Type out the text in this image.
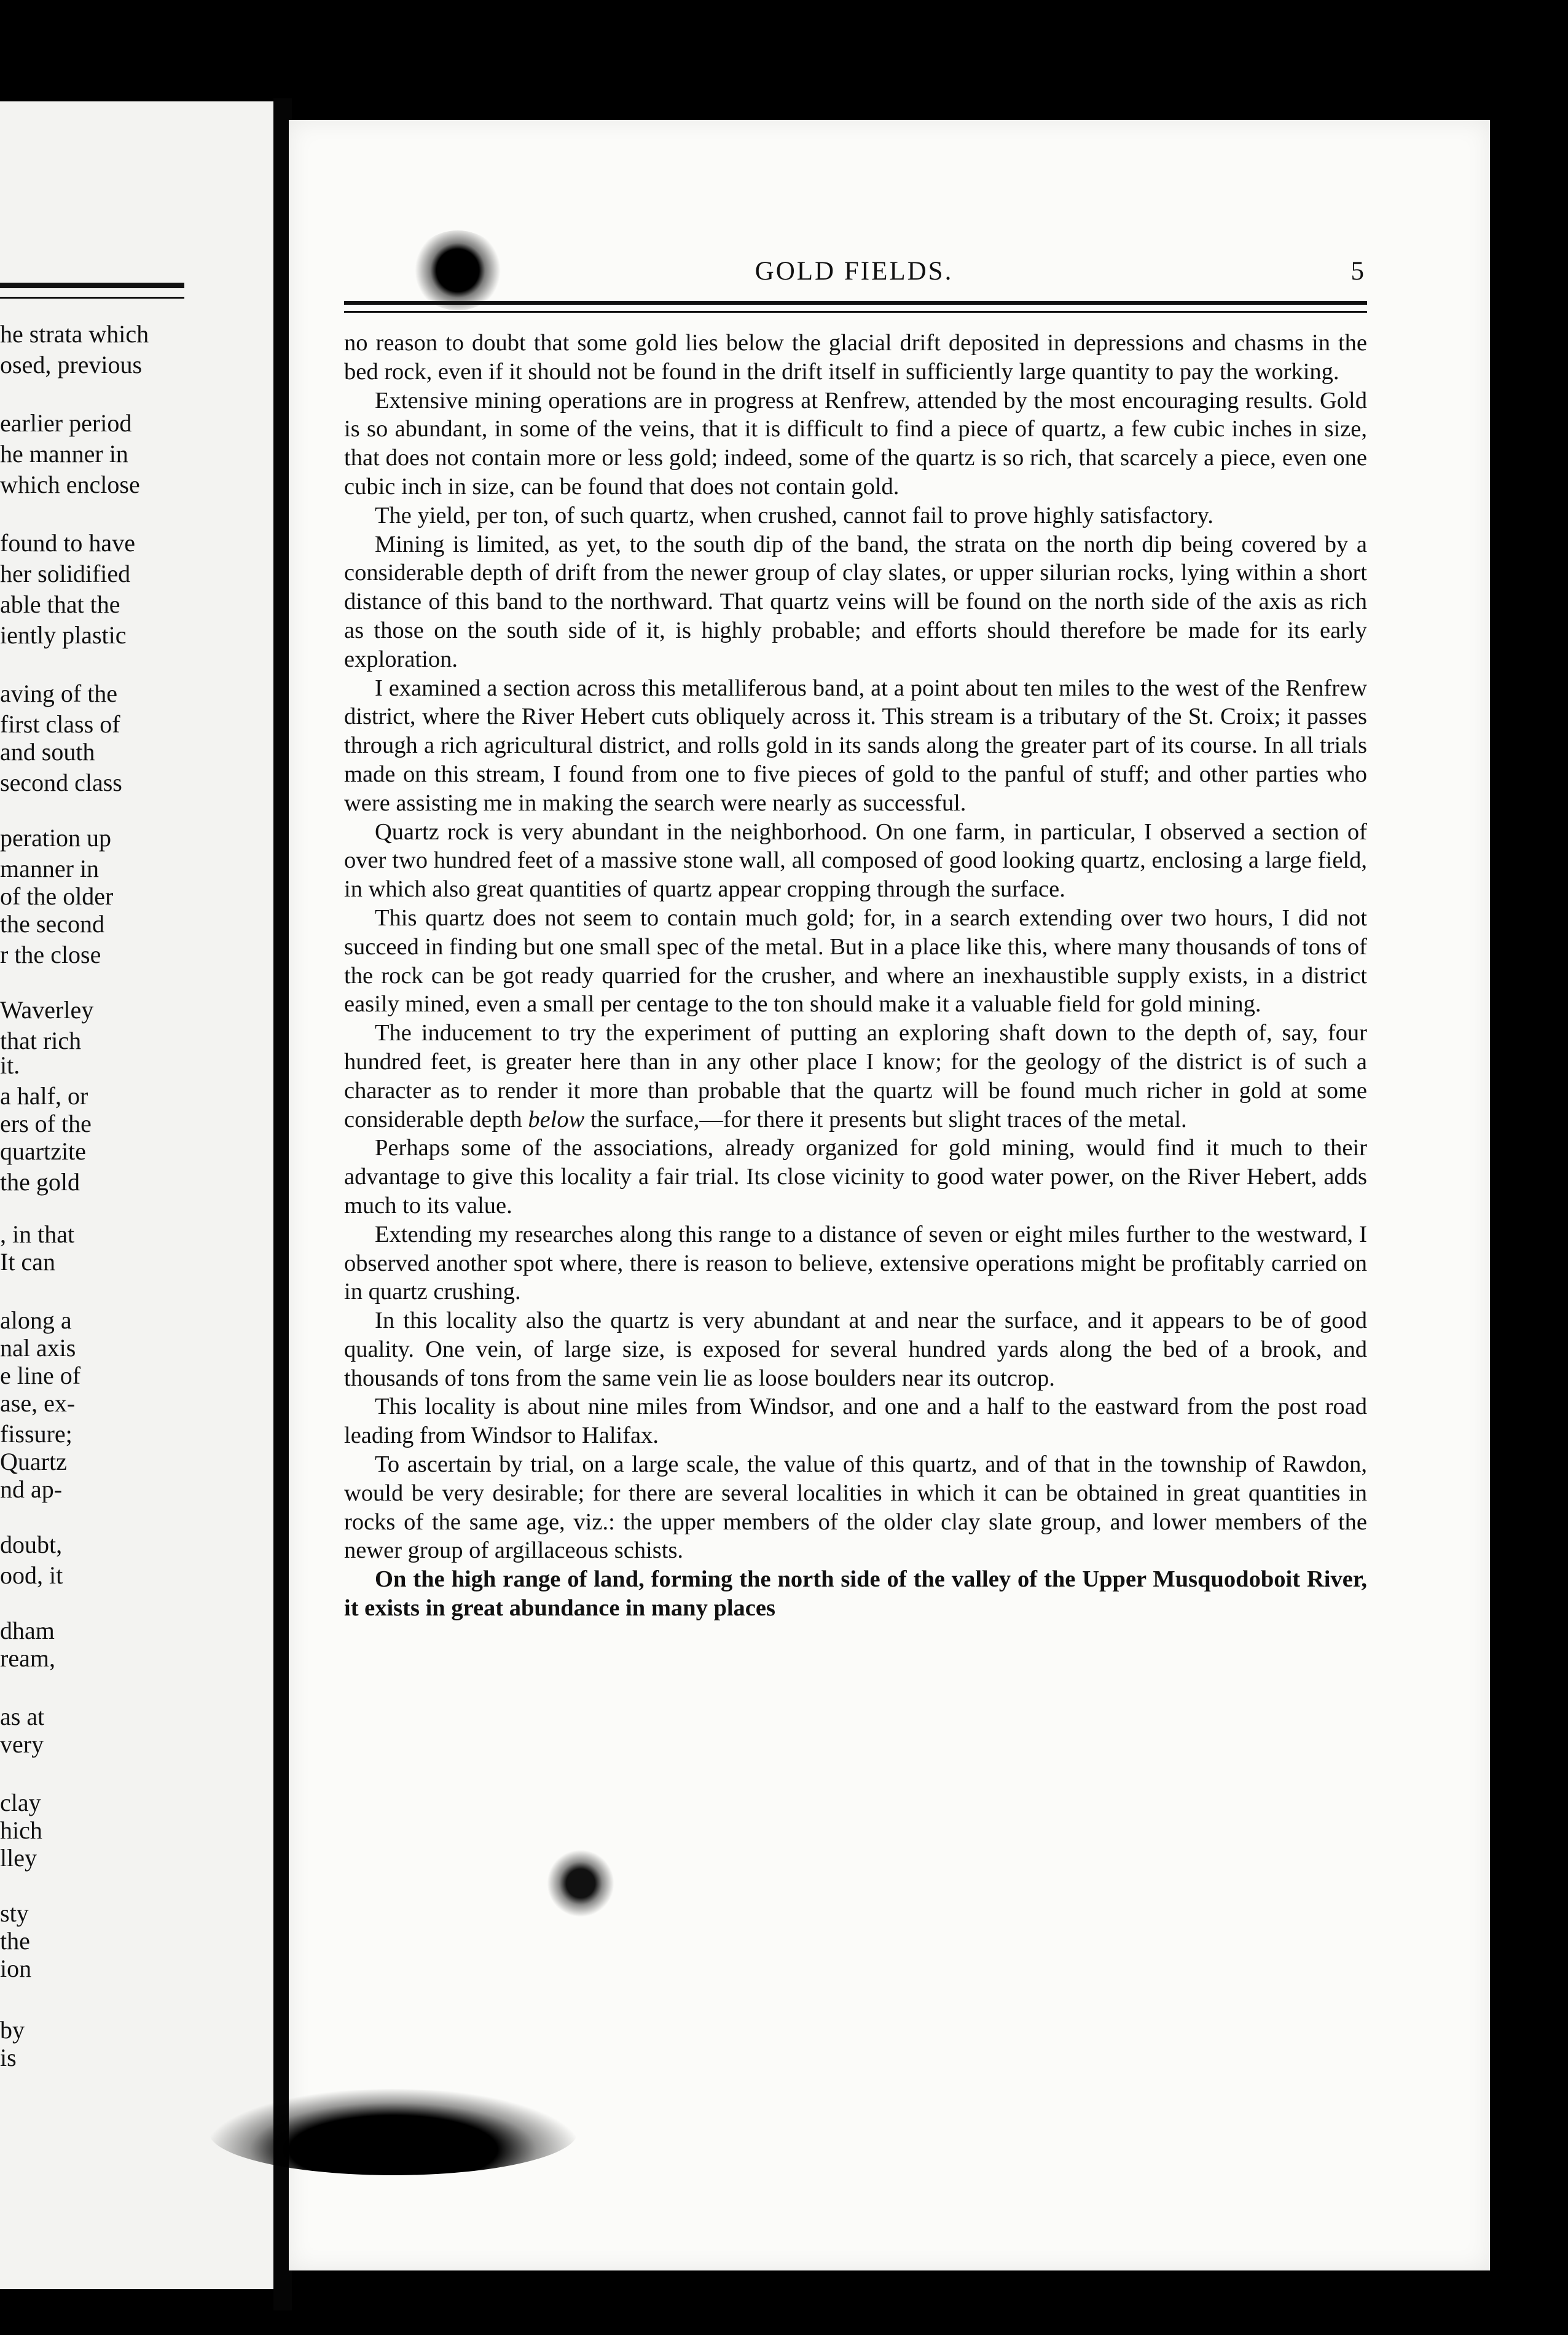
he strata which
osed, previous
earlier period
he manner in
which enclose
found to have
her solidified
able that the
iently plastic
aving of the
first class of
and south
second class
peration up
manner in
of the older
the second
r the close
Waverley
that rich
it.
a half, or
ers of the
quartzite
the gold
, in that
It can
along a
nal axis
e line of
ase, ex-
fissure;
Quartz
nd ap-
doubt,
ood, it
dham
ream,
as at
very
clay
hich
lley
sty
the
ion
by
is
GOLD FIELDS.	5

no reason to doubt that some gold lies below the glacial drift deposited in depressions and chasms in the bed rock, even if it should not be found in the drift itself in sufficiently large quantity to pay the working.

Extensive mining operations are in progress at Renfrew, attended by the most encouraging results. Gold is so abundant, in some of the veins, that it is difficult to find a piece of quartz, a few cubic inches in size, that does not contain more or less gold; indeed, some of the quartz is so rich, that scarcely a piece, even one cubic inch in size, can be found that does not contain gold.

The yield, per ton, of such quartz, when crushed, cannot fail to prove highly satisfactory.

Mining is limited, as yet, to the south dip of the band, the strata on the north dip being covered by a considerable depth of drift from the newer group of clay slates, or upper silurian rocks, lying within a short distance of this band to the northward. That quartz veins will be found on the north side of the axis as rich as those on the south side of it, is highly probable; and efforts should therefore be made for its early exploration.

I examined a section across this metalliferous band, at a point about ten miles to the west of the Renfrew district, where the River Hebert cuts obliquely across it. This stream is a tributary of the St. Croix; it passes through a rich agricultural district, and rolls gold in its sands along the greater part of its course. In all trials made on this stream, I found from one to five pieces of gold to the panful of stuff; and other parties who were assisting me in making the search were nearly as successful.

Quartz rock is very abundant in the neighborhood. On one farm, in particular, I observed a section of over two hundred feet of a massive stone wall, all composed of good looking quartz, enclosing a large field, in which also great quantities of quartz appear cropping through the surface.

This quartz does not seem to contain much gold; for, in a search extending over two hours, I did not succeed in finding but one small spec of the metal. But in a place like this, where many thousands of tons of the rock can be got ready quarried for the crusher, and where an inexhaustible supply exists, in a district easily mined, even a small per centage to the ton should make it a valuable field for gold mining.

The inducement to try the experiment of putting an exploring shaft down to the depth of, say, four hundred feet, is greater here than in any other place I know; for the geology of the district is of such a character as to render it more than probable that the quartz will be found much richer in gold at some considerable depth below the surface,—for there it presents but slight traces of the metal.

Perhaps some of the associations, already organized for gold mining, would find it much to their advantage to give this locality a fair trial. Its close vicinity to good water power, on the River Hebert, adds much to its value.

Extending my researches along this range to a distance of seven or eight miles further to the westward, I observed another spot where, there is reason to believe, extensive operations might be profitably carried on in quartz crushing.

In this locality also the quartz is very abundant at and near the surface, and it appears to be of good quality. One vein, of large size, is exposed for several hundred yards along the bed of a brook, and thousands of tons from the same vein lie as loose boulders near its outcrop.

This locality is about nine miles from Windsor, and one and a half to the eastward from the post road leading from Windsor to Halifax.

To ascertain by trial, on a large scale, the value of this quartz, and of that in the township of Rawdon, would be very desirable; for there are several localities in which it can be obtained in great quantities in rocks of the same age, viz.: the upper members of the older clay slate group, and lower members of the newer group of argillaceous schists.

On the high range of land, forming the north side of the valley of the Upper Musquodoboit River, it exists in great abundance in many places
